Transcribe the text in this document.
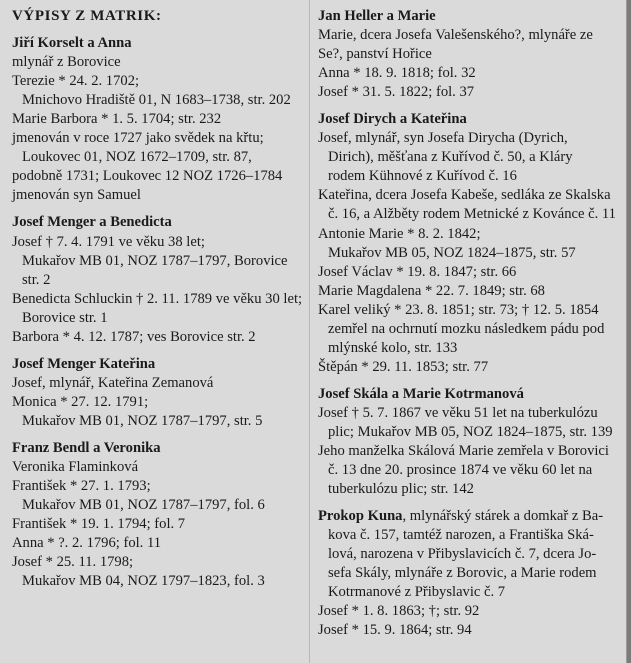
VÝPISY Z MATRIK:
Jiří Korselt a Anna
mlynář z Borovice
Terezie * 24. 2. 1702;
Mnichovo Hradiště 01, N 1683–1738, str. 202
Marie Barbora * 1. 5. 1704; str. 232
jmenován v roce 1727 jako svědek na křtu;
Loukovec 01, NOZ 1672–1709, str. 87,
podobně 1731; Loukovec 12 NOZ 1726–1784
jmenován syn Samuel
Josef Menger a Benedicta
Josef † 7. 4. 1791 ve věku 38 let;
Mukařov MB 01, NOZ 1787–1797, Borovice
str. 2
Benedicta Schluckin † 2. 11. 1789 ve věku 30 let;
Borovice str. 1
Barbora * 4. 12. 1787; ves Borovice str. 2
Josef Menger Kateřina
Josef, mlynář, Kateřina Zemanová
Monica * 27. 12. 1791;
Mukařov MB 01, NOZ 1787–1797, str. 5
Franz Bendl a Veronika
Veronika Flaminková
František * 27. 1. 1793;
Mukařov MB 01, NOZ 1787–1797, fol. 6
František * 19. 1. 1794; fol. 7
Anna * ?. 2. 1796; fol. 11
Josef * 25. 11. 1798;
Mukařov MB 04, NOZ 1797–1823, fol. 3
Jan Heller a Marie
Marie, dcera Josefa Valešenského?, mlynáře ze
Se?, panství Hořice
Anna * 18. 9. 1818; fol. 32
Josef * 31. 5. 1822; fol. 37
Josef Dirych a Kateřina
Josef, mlynář, syn Josefa Dirycha (Dyrich,
Dirich), měšťana z Kuřívod č. 50, a Kláry
rodem Kühnové z Kuřívod č. 16
Kateřina, dcera Josefa Kabeše, sedláka ze Skalska
č. 16, a Alžběty rodem Metnické z Kovánce č. 11
Antonie Marie * 8. 2. 1842;
Mukařov MB 05, NOZ 1824–1875, str. 57
Josef Václav * 19. 8. 1847; str. 66
Marie Magdalena * 22. 7. 1849; str. 68
Karel veliký * 23. 8. 1851; str. 73; † 12. 5. 1854
zemřel na ochrnutí mozku následkem pádu pod
mlýnské kolo, str. 133
Štěpán * 29. 11. 1853; str. 77
Josef Skála a Marie Kotrmanová
Josef † 5. 7. 1867 ve věku 51 let na tuberkulózu
plic; Mukařov MB 05, NOZ 1824–1875, str. 139
Jeho manželka Skálová Marie zemřela v Borovici
č. 13 dne 20. prosince 1874 ve věku 60 let na
tuberkulózu plic; str. 142
Prokop Kuna, mlynářský stárek a domkař z Ba-
kova č. 157, tamtéž narozen, a Františka Ská-
lová, narozena v Přibyslavicích č. 7, dcera Jo-
sefa Skály, mlynáře z Borovic, a Marie rodem
Kotrmanové z Přibyslavic č. 7
Josef * 1. 8. 1863; †; str. 92
Josef * 15. 9. 1864; str. 94
